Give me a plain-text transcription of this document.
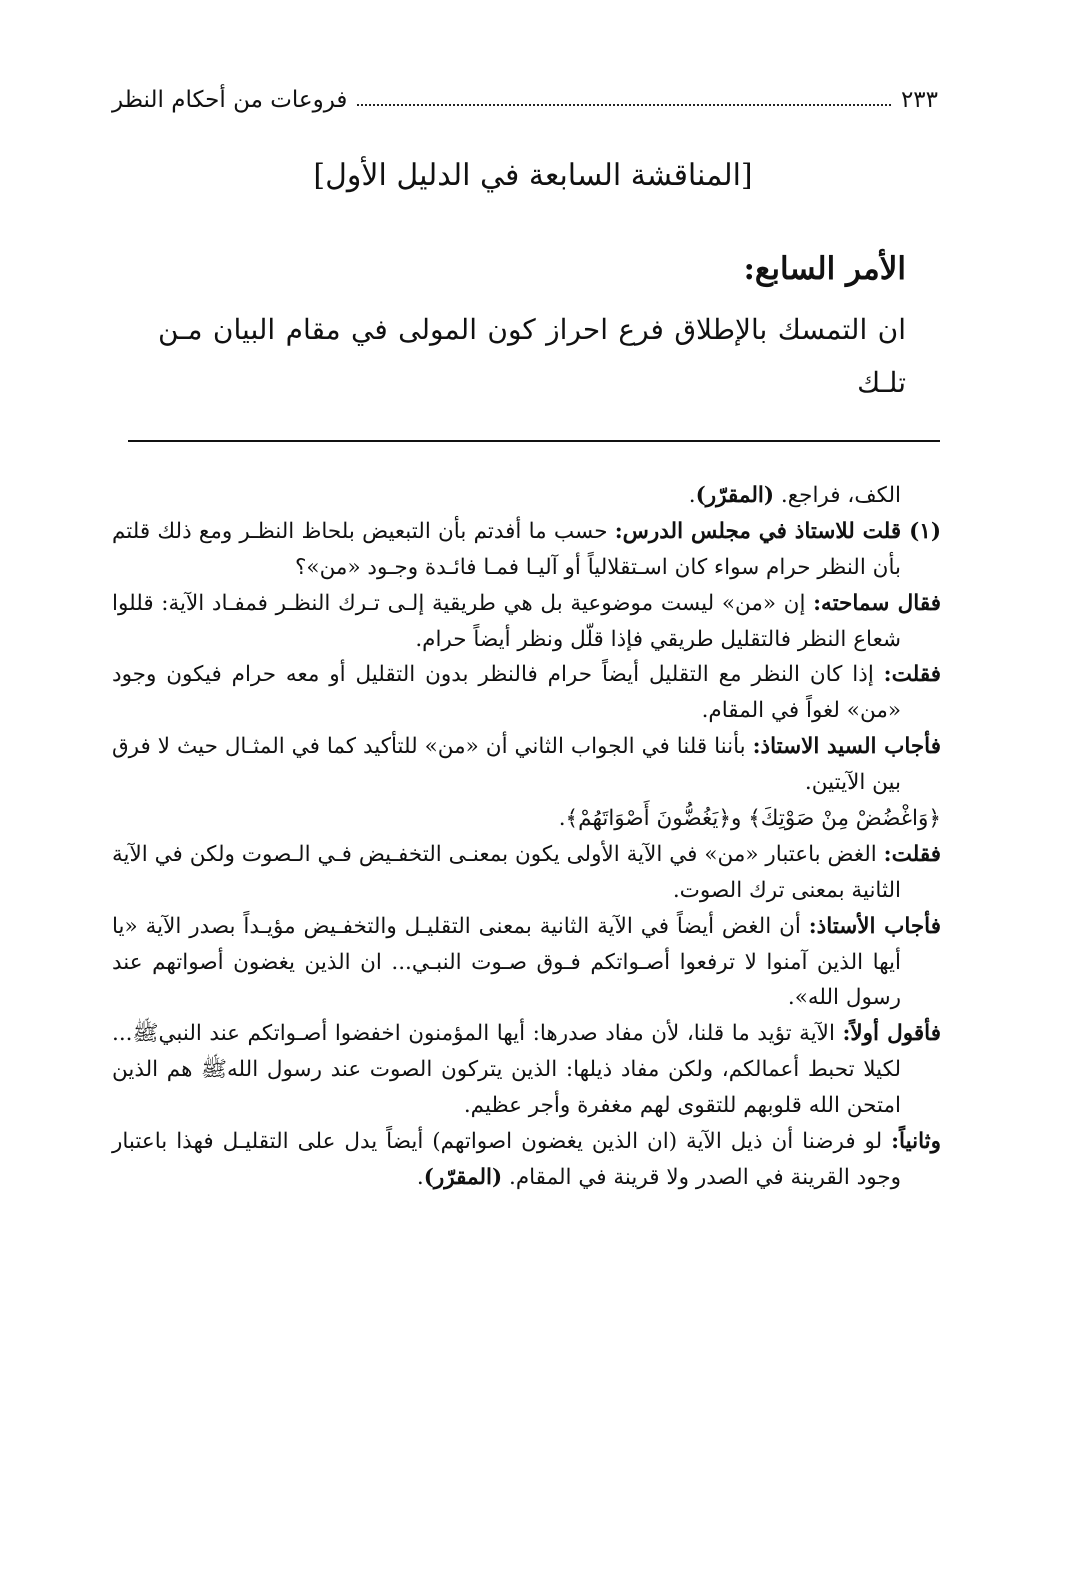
٢٣٣
فروعات من أحكام النظر
[المناقشة السابعة في الدليل الأول]
الأمر السابع:
ان التمسك بالإطلاق فرع احراز كون المولى في مقام البيان مـن تلـك

الكف، فراجع. (المقرّر).

(١) قلت للاستاذ في مجلس الدرس: حسب ما أفدتم بأن التبعيض بلحاظ النظـر ومع ذلك قلتم بأن النظر حرام سواء كان اسـتقلالياً أو آليـا فمـا فائـدة وجـود «من»؟

فقال سماحته: إن «من» ليست موضوعية بل هي طريقية إلـى تـرك النظـر فمفـاد الآية: قللوا شعاع النظر فالتقليل طريقي فإذا قلّل ونظر أيضاً حرام.

فقلت: إذا كان النظر مع التقليل أيضاً حرام فالنظر بدون التقليل أو معه حرام فيكون وجود «من» لغواً في المقام.

فأجاب السيد الاستاذ: بأننا قلنا في الجواب الثاني أن «من» للتأكيد كما في المثـال حيث لا فرق بين الآيتين.

﴿وَاغْضُضْ مِنْ صَوْتِكَ﴾ و﴿يَغُضُّونَ أَصْوَاتَهُمْ﴾.

فقلت: الغض باعتبار «من» في الآية الأولى يكون بمعنـى التخفـيض فـي الـصوت ولكن في الآية الثانية بمعنى ترك الصوت.

فأجاب الأستاذ: أن الغض أيضاً في الآية الثانية بمعنى التقليـل والتخفـيض مؤيـداً بصدر الآية «يا أيها الذين آمنوا لا ترفعوا أصـواتكم فـوق صـوت النبـي... ان الذين يغضون أصواتهم عند رسول الله».

فأقول أولاً: الآية تؤيد ما قلنا، لأن مفاد صدرها: أيها المؤمنون اخفضوا أصـواتكم عند النبيﷺ... لكيلا تحبط أعمالكم، ولكن مفاد ذيلها: الذين يتركون الصوت عند رسول اللهﷺ هم الذين امتحن الله قلوبهم للتقوى لهم مغفرة وأجر عظيم.

وثانياً: لو فرضنا أن ذيل الآية (ان الذين يغضون اصواتهم) أيضاً يدل على التقليـل فهذا باعتبار وجود القرينة في الصدر ولا قرينة في المقام. (المقرّر).
